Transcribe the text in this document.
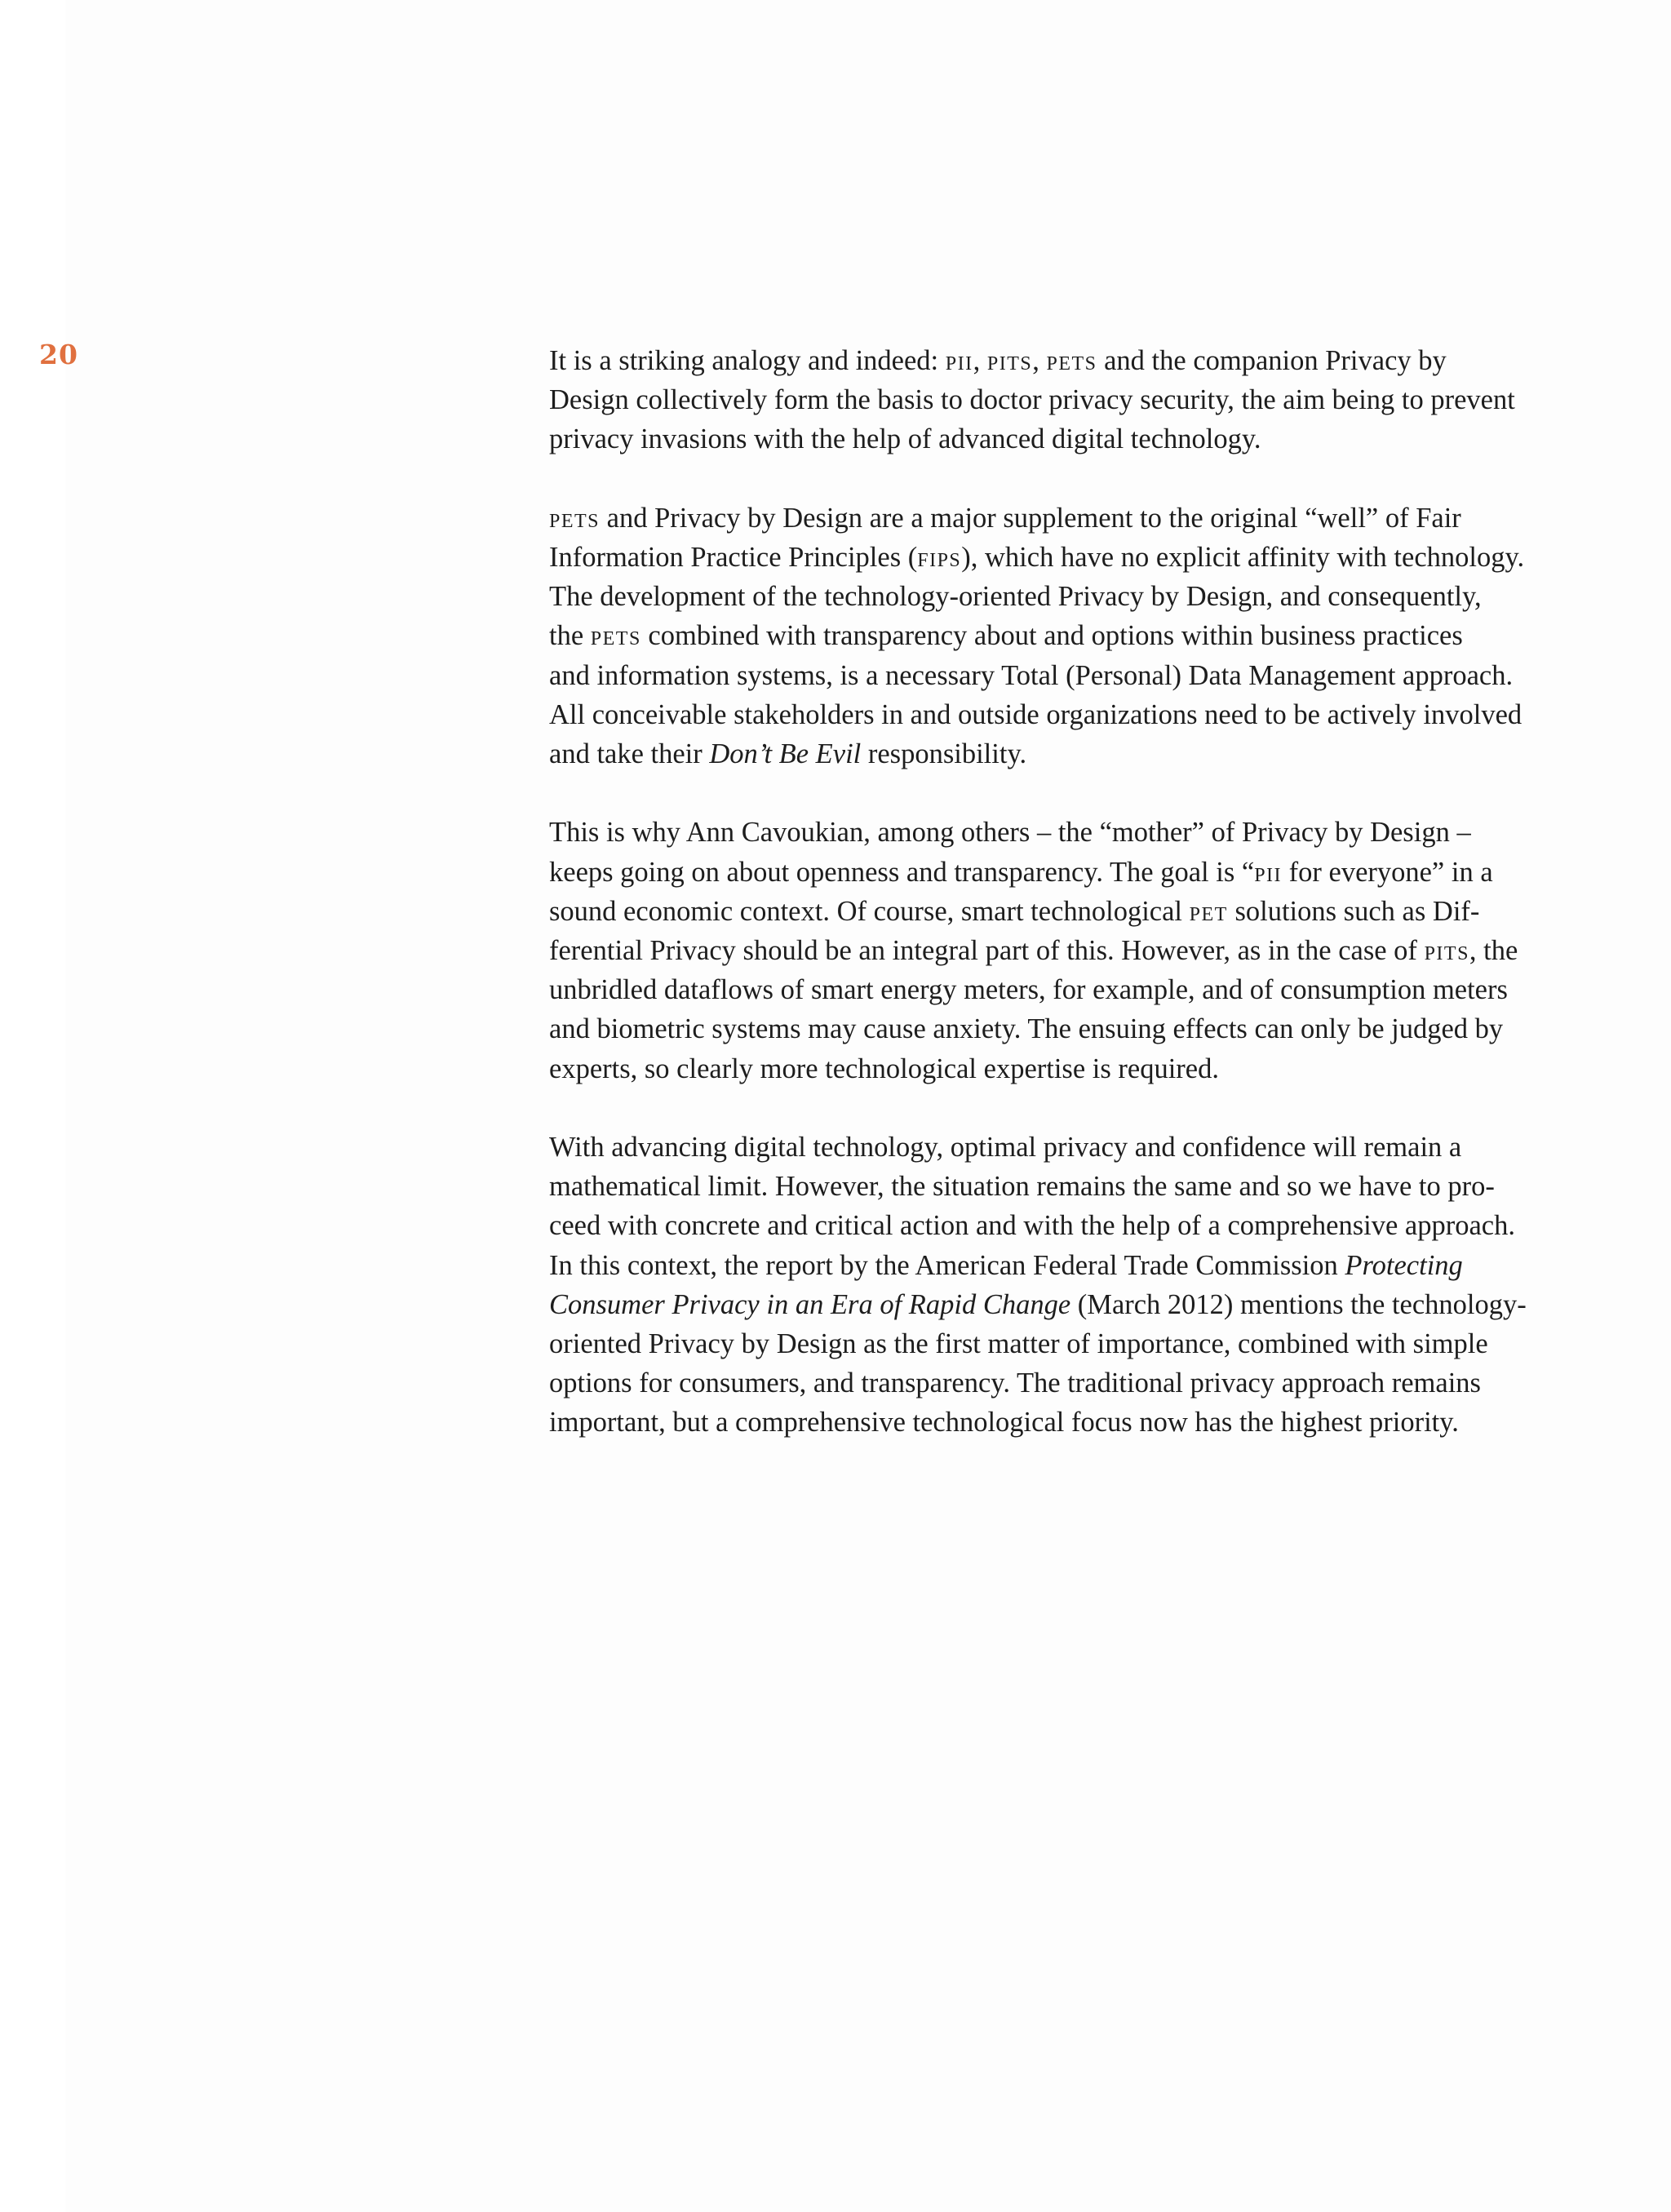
20	It is a striking analogy and indeed: pii, pits, pets and the companion Privacy by
Design collectively form the basis to doctor privacy security, the aim being to prevent
privacy invasions with the help of advanced digital technology.

pets and Privacy by Design are a major supplement to the original “well” of Fair
Information Practice Principles (fips), which have no explicit affinity with technology.
The development of the technology-oriented Privacy by Design, and consequently,
the pets combined with transparency about and options within business practices
and information systems, is a necessary Total (Personal) Data Management approach.
All conceivable stakeholders in and outside organizations need to be actively involved
and take their Don’t Be Evil responsibility.

This is why Ann Cavoukian, among others – the “mother” of Privacy by Design –
keeps going on about openness and transparency. The goal is “pii for everyone” in a
sound economic context. Of course, smart technological pet solutions such as Dif-
ferential Privacy should be an integral part of this. However, as in the case of pits, the
unbridled dataflows of smart energy meters, for example, and of consumption meters
and biometric systems may cause anxiety. The ensuing effects can only be judged by
experts, so clearly more technological expertise is required.

With advancing digital technology, optimal privacy and confidence will remain a
mathematical limit. However, the situation remains the same and so we have to pro-
ceed with concrete and critical action and with the help of a comprehensive approach.
In this context, the report by the American Federal Trade Commission Protecting
Consumer Privacy in an Era of Rapid Change (March 2012) mentions the technology-
oriented Privacy by Design as the first matter of importance, combined with simple
options for consumers, and transparency. The traditional privacy approach remains
important, but a comprehensive technological focus now has the highest priority.
